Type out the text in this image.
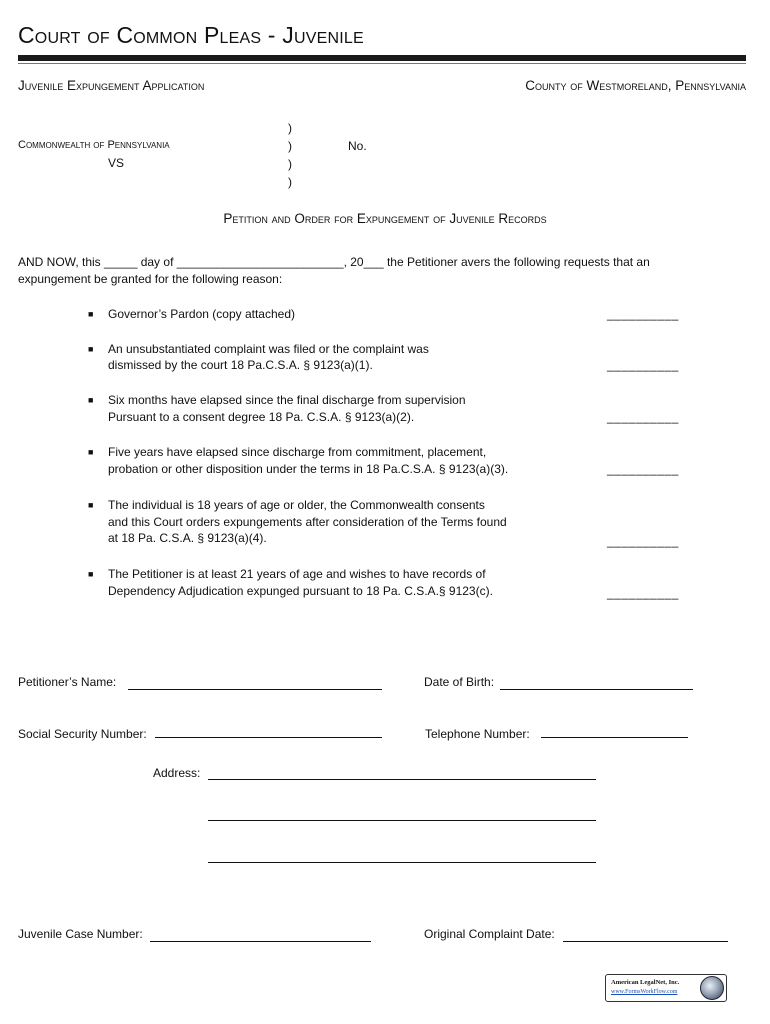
Court of Common Pleas - Juvenile
Juvenile Expungement Application	County of Westmoreland, Pennsylvania
Commonwealth of Pennsylvania
VS
)
)
)
)
No.
Petition and Order for Expungement of Juvenile Records
AND NOW, this _____ day of _________________________, 20___ the Petitioner avers the following requests that an
expungement be granted for the following reason:
■ Governor’s Pardon (copy attached)	__________
■ An unsubstantiated complaint was filed or the complaint was
dismissed by the court 18 Pa.C.S.A. § 9123(a)(1).	__________
■ Six months have elapsed since the final discharge from supervision
Pursuant to a consent degree 18 Pa. C.S.A. § 9123(a)(2).	__________
■ Five years have elapsed since discharge from commitment, placement,
probation or other disposition under the terms in 18 Pa.C.S.A. § 9123(a)(3).	__________
■ The individual is 18 years of age or older, the Commonwealth consents
and this Court orders expungements after consideration of the Terms found
at 18 Pa. C.S.A. § 9123(a)(4).	__________
■ The Petitioner is at least 21 years of age and wishes to have records of
Dependency Adjudication expunged pursuant to 18 Pa. C.S.A.§ 9123(c).	__________
Petitioner’s Name:	Date of Birth:
Social Security Number:	Telephone Number:
Address:
Juvenile Case Number:	Original Complaint Date:
American LegalNet, Inc.
www.FormsWorkFlow.com
